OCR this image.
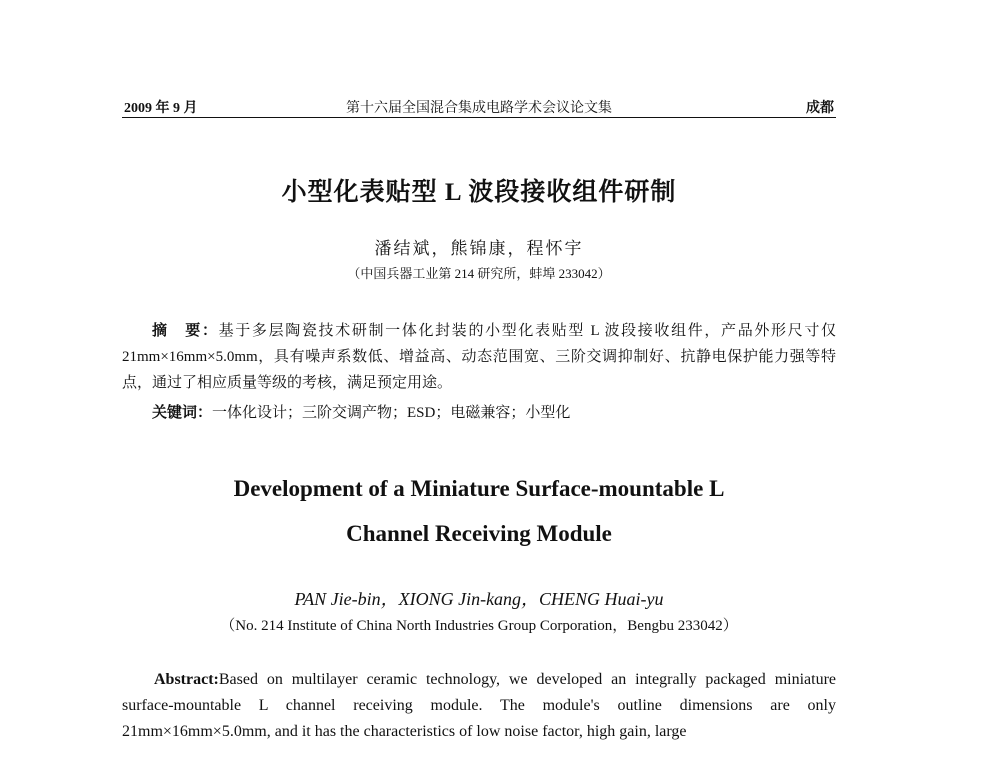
2009 年 9 月	第十六届全国混合集成电路学术会议论文集	成都
小型化表贴型 L 波段接收组件研制
潘结斌，熊锦康，程怀宇
（中国兵器工业第 214 研究所，蚌埠 233042）
摘　要：基于多层陶瓷技术研制一体化封装的小型化表贴型 L 波段接收组件，产品外形尺寸仅 21mm×16mm×5.0mm，具有噪声系数低、增益高、动态范围宽、三阶交调抑制好、抗静电保护能力强等特点，通过了相应质量等级的考核，满足预定用途。
关键词：一体化设计；三阶交调产物；ESD；电磁兼容；小型化
Development of a Miniature Surface-mountable L
Channel Receiving Module
PAN Jie-bin，XIONG Jin-kang，CHENG Huai-yu
（No. 214 Institute of China North Industries Group Corporation，Bengbu 233042）
Abstract:Based on multilayer ceramic technology, we developed an integrally packaged miniature surface-mountable L channel receiving module. The module's outline dimensions are only 21mm×16mm×5.0mm, and it has the characteristics of low noise factor, high gain, large
